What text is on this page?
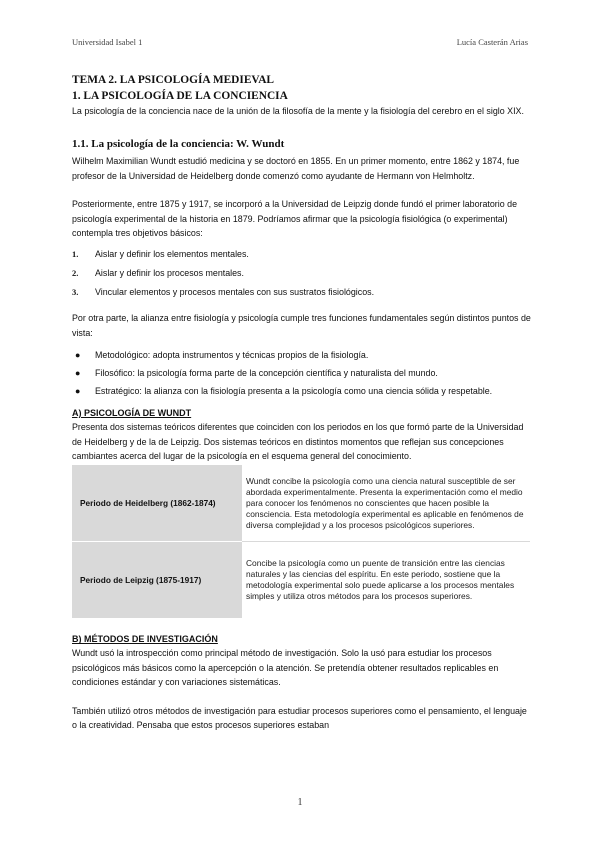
Universidad Isabel 1	Lucía Casterán Arias
TEMA 2. LA PSICOLOGÍA MEDIEVAL
1. LA PSICOLOGÍA DE LA CONCIENCIA

La psicología de la conciencia nace de la unión de la filosofía de la mente y la fisiología del cerebro en el siglo XIX.

1.1. La psicología de la conciencia: W. Wundt

Wilhelm Maximilian Wundt estudió medicina y se doctoró en 1855. En un primer momento, entre 1862 y 1874, fue profesor de la Universidad de Heidelberg donde comenzó como ayudante de Hermann von Helmholtz.

Posteriormente, entre 1875 y 1917, se incorporó a la Universidad de Leipzig donde fundó el primer laboratorio de psicología experimental de la historia en 1879. Podríamos afirmar que la psicología fisiológica (o experimental) contempla tres objetivos básicos:

1. Aislar y definir los elementos mentales.
2. Aislar y definir los procesos mentales.
3. Vincular elementos y procesos mentales con sus sustratos fisiológicos.

Por otra parte, la alianza entre fisiología y psicología cumple tres funciones fundamentales según distintos puntos de vista:

● Metodológico: adopta instrumentos y técnicas propios de la fisiología.
● Filosófico: la psicología forma parte de la concepción científica y naturalista del mundo.
● Estratégico: la alianza con la fisiología presenta a la psicología como una ciencia sólida y respetable.
A) PSICOLOGÍA DE WUNDT

Presenta dos sistemas teóricos diferentes que coinciden con los periodos en los que formó parte de la Universidad de Heidelberg y de la de Leipzig. Dos sistemas teóricos en distintos momentos que reflejan sus concepciones cambiantes acerca del lugar de la psicología en el esquema general del conocimiento.

Periodo de Heidelberg (1862-1874)	Wundt concibe la psicología como una ciencia natural susceptible de ser abordada experimentalmente. Presenta la experimentación como el medio para conocer los fenómenos no conscientes que hacen posible la consciencia. Esta metodología experimental es aplicable en fenómenos de diversa complejidad y a los procesos psicológicos superiores.
Periodo de Leipzig (1875-1917)	Concibe la psicología como un puente de transición entre las ciencias naturales y las ciencias del espíritu. En este periodo, sostiene que la metodología experimental solo puede aplicarse a los procesos mentales simples y utiliza otros métodos para los procesos superiores.
B) MÉTODOS DE INVESTIGACIÓN

Wundt usó la introspección como principal método de investigación. Solo la usó para estudiar los procesos psicológicos más básicos como la apercepción o la atención. Se pretendía obtener resultados replicables en condiciones estándar y con variaciones sistemáticas.

También utilizó otros métodos de investigación para estudiar procesos superiores como el pensamiento, el lenguaje o la creatividad. Pensaba que estos procesos superiores estaban

1
